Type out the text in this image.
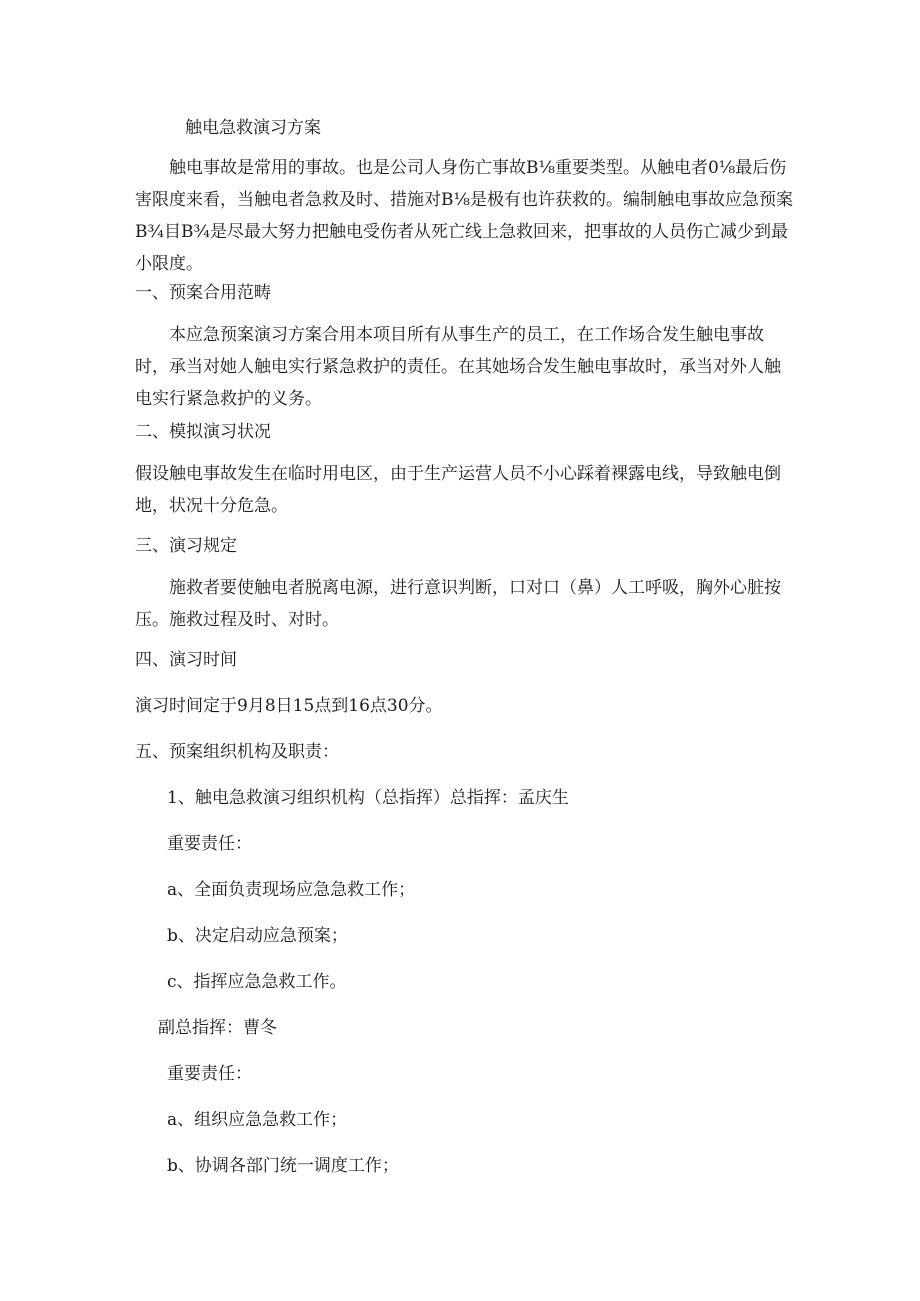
触电急救演习方案
触电事故是常用的事故。也是公司人身伤亡事故B⅛重要类型。从触电者0⅛最后伤害限度来看，当触电者急救及时、措施对B⅛是极有也许获救的。编制触电事故应急预案B¾目B¾是尽最大努力把触电受伤者从死亡线上急救回来，把事故的人员伤亡减少到最小限度。
一、预案合用范畴
本应急预案演习方案合用本项目所有从事生产的员工，在工作场合发生触电事故时，承当对她人触电实行紧急救护的责任。在其她场合发生触电事故时，承当对外人触电实行紧急救护的义务。
二、模拟演习状况
假设触电事故发生在临时用电区，由于生产运营人员不小心踩着裸露电线，导致触电倒地，状况十分危急。
三、演习规定
施救者要使触电者脱离电源，进行意识判断，口对口（鼻）人工呼吸，胸外心脏按压。施救过程及时、对时。
四、演习时间
演习时间定于9月8日15点到16点30分。
五、预案组织机构及职责：
1、触电急救演习组织机构（总指挥）总指挥：孟庆生
重要责任：
a、全面负责现场应急急救工作；
b、决定启动应急预案；
c、指挥应急急救工作。
副总指挥：曹冬
重要责任：
a、组织应急急救工作；
b、协调各部门统一调度工作；
